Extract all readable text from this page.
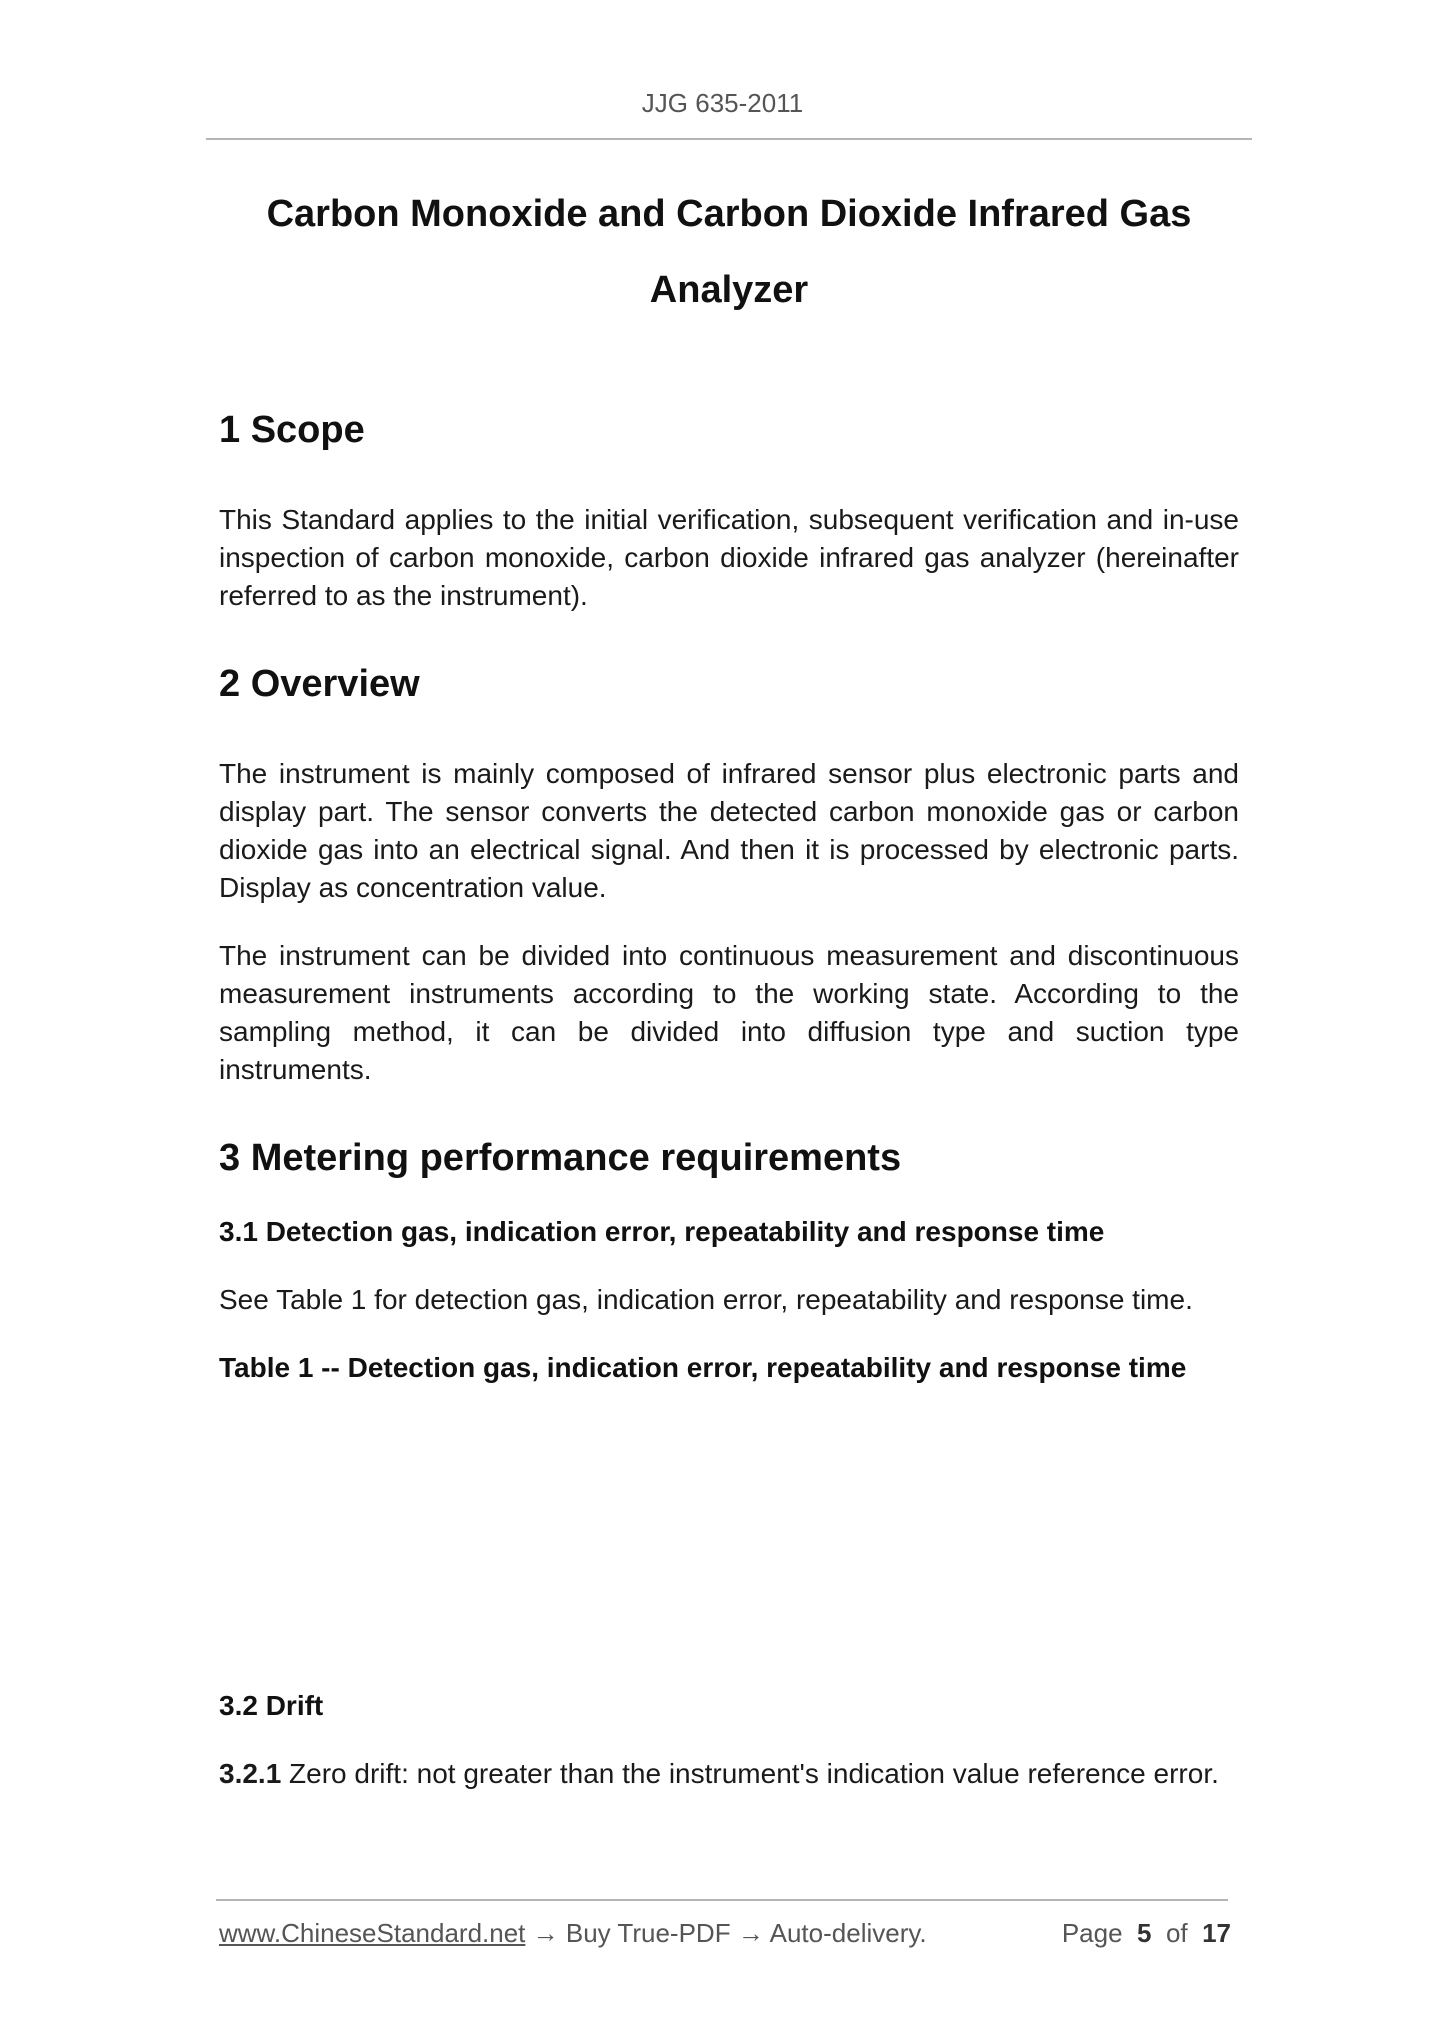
JJG 635-2011
Carbon Monoxide and Carbon Dioxide Infrared Gas
Analyzer
1 Scope

This Standard applies to the initial verification, subsequent verification and in-use inspection of carbon monoxide, carbon dioxide infrared gas analyzer (hereinafter referred to as the instrument).

2 Overview

The instrument is mainly composed of infrared sensor plus electronic parts and display part. The sensor converts the detected carbon monoxide gas or carbon dioxide gas into an electrical signal. And then it is processed by electronic parts. Display as concentration value.

The instrument can be divided into continuous measurement and discontinuous measurement instruments according to the working state. According to the sampling method, it can be divided into diffusion type and suction type instruments.

3 Metering performance requirements

3.1 Detection gas, indication error, repeatability and response time

See Table 1 for detection gas, indication error, repeatability and response time.

Table 1 -- Detection gas, indication error, repeatability and response time

3.2 Drift

3.2.1 Zero drift: not greater than the instrument's indication value reference error.

www.ChineseStandard.net → Buy True-PDF → Auto-delivery.	Page 5 of 17
